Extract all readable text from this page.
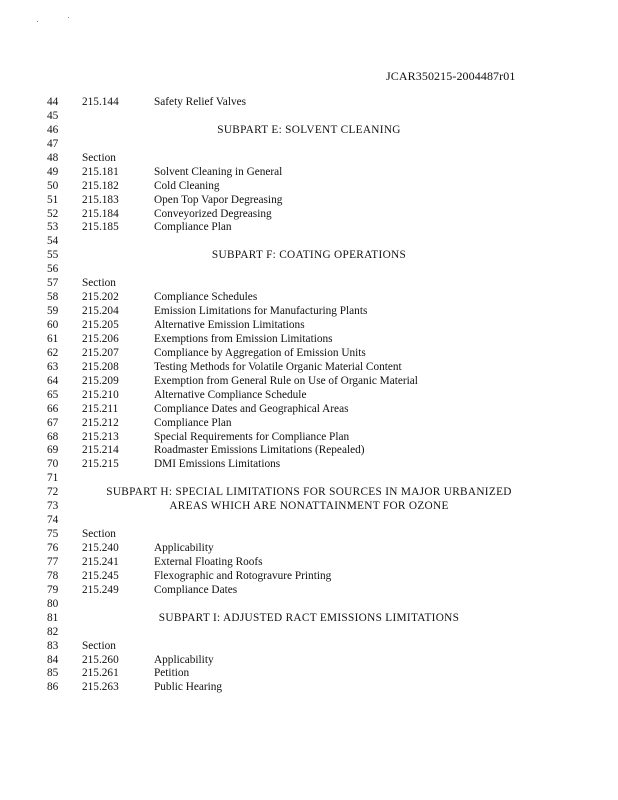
JCAR350215-2004487r01
44	215.144	Safety Relief Valves
45
46	SUBPART E: SOLVENT CLEANING
47
48	Section
49	215.181	Solvent Cleaning in General
50	215.182	Cold Cleaning
51	215.183	Open Top Vapor Degreasing
52	215.184	Conveyorized Degreasing
53	215.185	Compliance Plan
54
55	SUBPART F: COATING OPERATIONS
56
57	Section
58	215.202	Compliance Schedules
59	215.204	Emission Limitations for Manufacturing Plants
60	215.205	Alternative Emission Limitations
61	215.206	Exemptions from Emission Limitations
62	215.207	Compliance by Aggregation of Emission Units
63	215.208	Testing Methods for Volatile Organic Material Content
64	215.209	Exemption from General Rule on Use of Organic Material
65	215.210	Alternative Compliance Schedule
66	215.211	Compliance Dates and Geographical Areas
67	215.212	Compliance Plan
68	215.213	Special Requirements for Compliance Plan
69	215.214	Roadmaster Emissions Limitations (Repealed)
70	215.215	DMI Emissions Limitations
71
72	SUBPART H: SPECIAL LIMITATIONS FOR SOURCES IN MAJOR URBANIZED
73	AREAS WHICH ARE NONATTAINMENT FOR OZONE
74
75	Section
76	215.240	Applicability
77	215.241	External Floating Roofs
78	215.245	Flexographic and Rotogravure Printing
79	215.249	Compliance Dates
80
81	SUBPART I: ADJUSTED RACT EMISSIONS LIMITATIONS
82
83	Section
84	215.260	Applicability
85	215.261	Petition
86	215.263	Public Hearing
